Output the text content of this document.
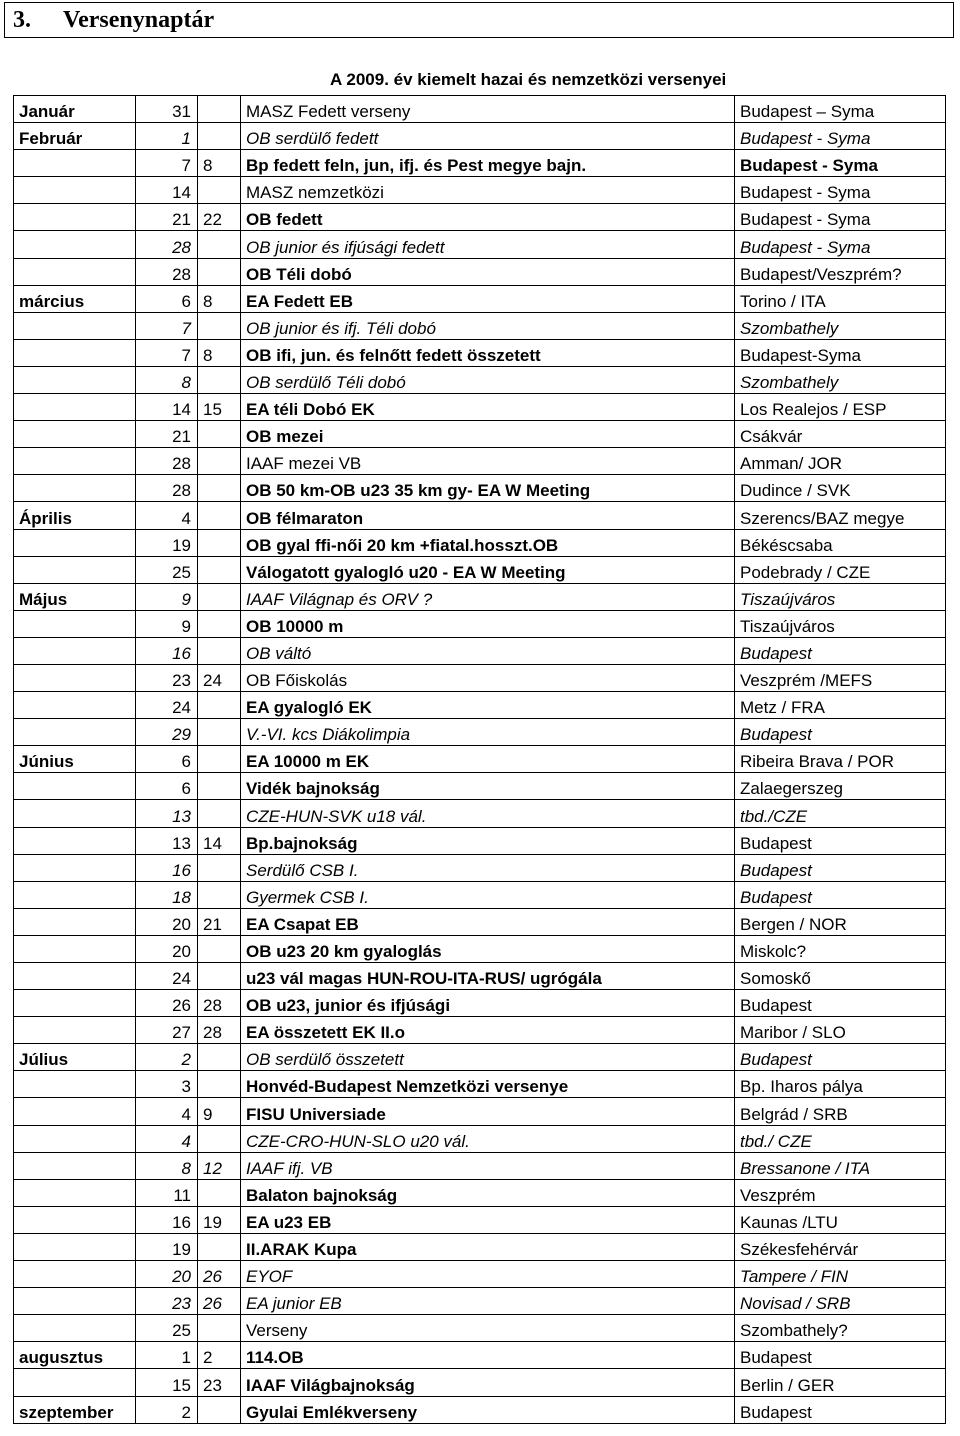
3. Versenynaptár
A 2009. év kiemelt hazai és nemzetközi versenyei
Január	31		MASZ Fedett verseny	Budapest – Syma
Február	1		OB serdülő fedett	Budapest - Syma
	7	8	Bp fedett feln, jun, ifj. és Pest megye bajn.	Budapest - Syma
	14		MASZ nemzetközi	Budapest - Syma
	21	22	OB fedett	Budapest - Syma
	28		OB junior és ifjúsági fedett	Budapest - Syma
	28		OB Téli dobó	Budapest/Veszprém?
március	6	8	EA Fedett EB	Torino / ITA
	7		OB junior és ifj. Téli dobó	Szombathely
	7	8	OB ifi, jun. és felnőtt fedett összetett	Budapest-Syma
	8		OB serdülő Téli dobó	Szombathely
	14	15	EA téli Dobó EK	Los Realejos / ESP
	21		OB mezei	Csákvár
	28		IAAF mezei VB	Amman/ JOR
	28		OB 50 km-OB u23 35 km gy- EA W Meeting	Dudince / SVK
Április	4		OB félmaraton	Szerencs/BAZ megye
	19		OB gyal ffi-női 20 km +fiatal.hosszt.OB	Békéscsaba
	25		Válogatott gyalogló u20 - EA W Meeting	Podebrady / CZE
Május	9		IAAF Világnap és ORV ?	Tiszaújváros
	9		OB 10000 m	Tiszaújváros
	16		OB váltó	Budapest
	23	24	OB Főiskolás	Veszprém /MEFS
	24		EA gyalogló EK	Metz / FRA
	29		V.-VI. kcs Diákolimpia	Budapest
Június	6		EA 10000 m EK	Ribeira Brava / POR
	6		Vidék bajnokság	Zalaegerszeg
	13		CZE-HUN-SVK u18 vál.	tbd./CZE
	13	14	Bp.bajnokság	Budapest
	16		Serdülő CSB I.	Budapest
	18		Gyermek CSB I.	Budapest
	20	21	EA Csapat EB	Bergen / NOR
	20		OB u23 20 km gyaloglás	Miskolc?
	24		u23 vál magas HUN-ROU-ITA-RUS/ ugrógála	Somoskő
	26	28	OB u23, junior és ifjúsági	Budapest
	27	28	EA összetett EK II.o	Maribor / SLO
Július	2		OB serdülő összetett	Budapest
	3		Honvéd-Budapest Nemzetközi versenye	Bp. Iharos pálya
	4	9	FISU Universiade	Belgrád / SRB
	4		CZE-CRO-HUN-SLO u20 vál.	tbd./ CZE
	8	12	IAAF ifj. VB	Bressanone / ITA
	11		Balaton bajnokság	Veszprém
	16	19	EA u23 EB	Kaunas /LTU
	19		II.ARAK Kupa	Székesfehérvár
	20	26	EYOF	Tampere / FIN
	23	26	EA junior EB	Novisad / SRB
	25		Verseny	Szombathely?
augusztus	1	2	114.OB	Budapest
	15	23	IAAF Világbajnokság	Berlin / GER
szeptember	2		Gyulai Emlékverseny	Budapest
